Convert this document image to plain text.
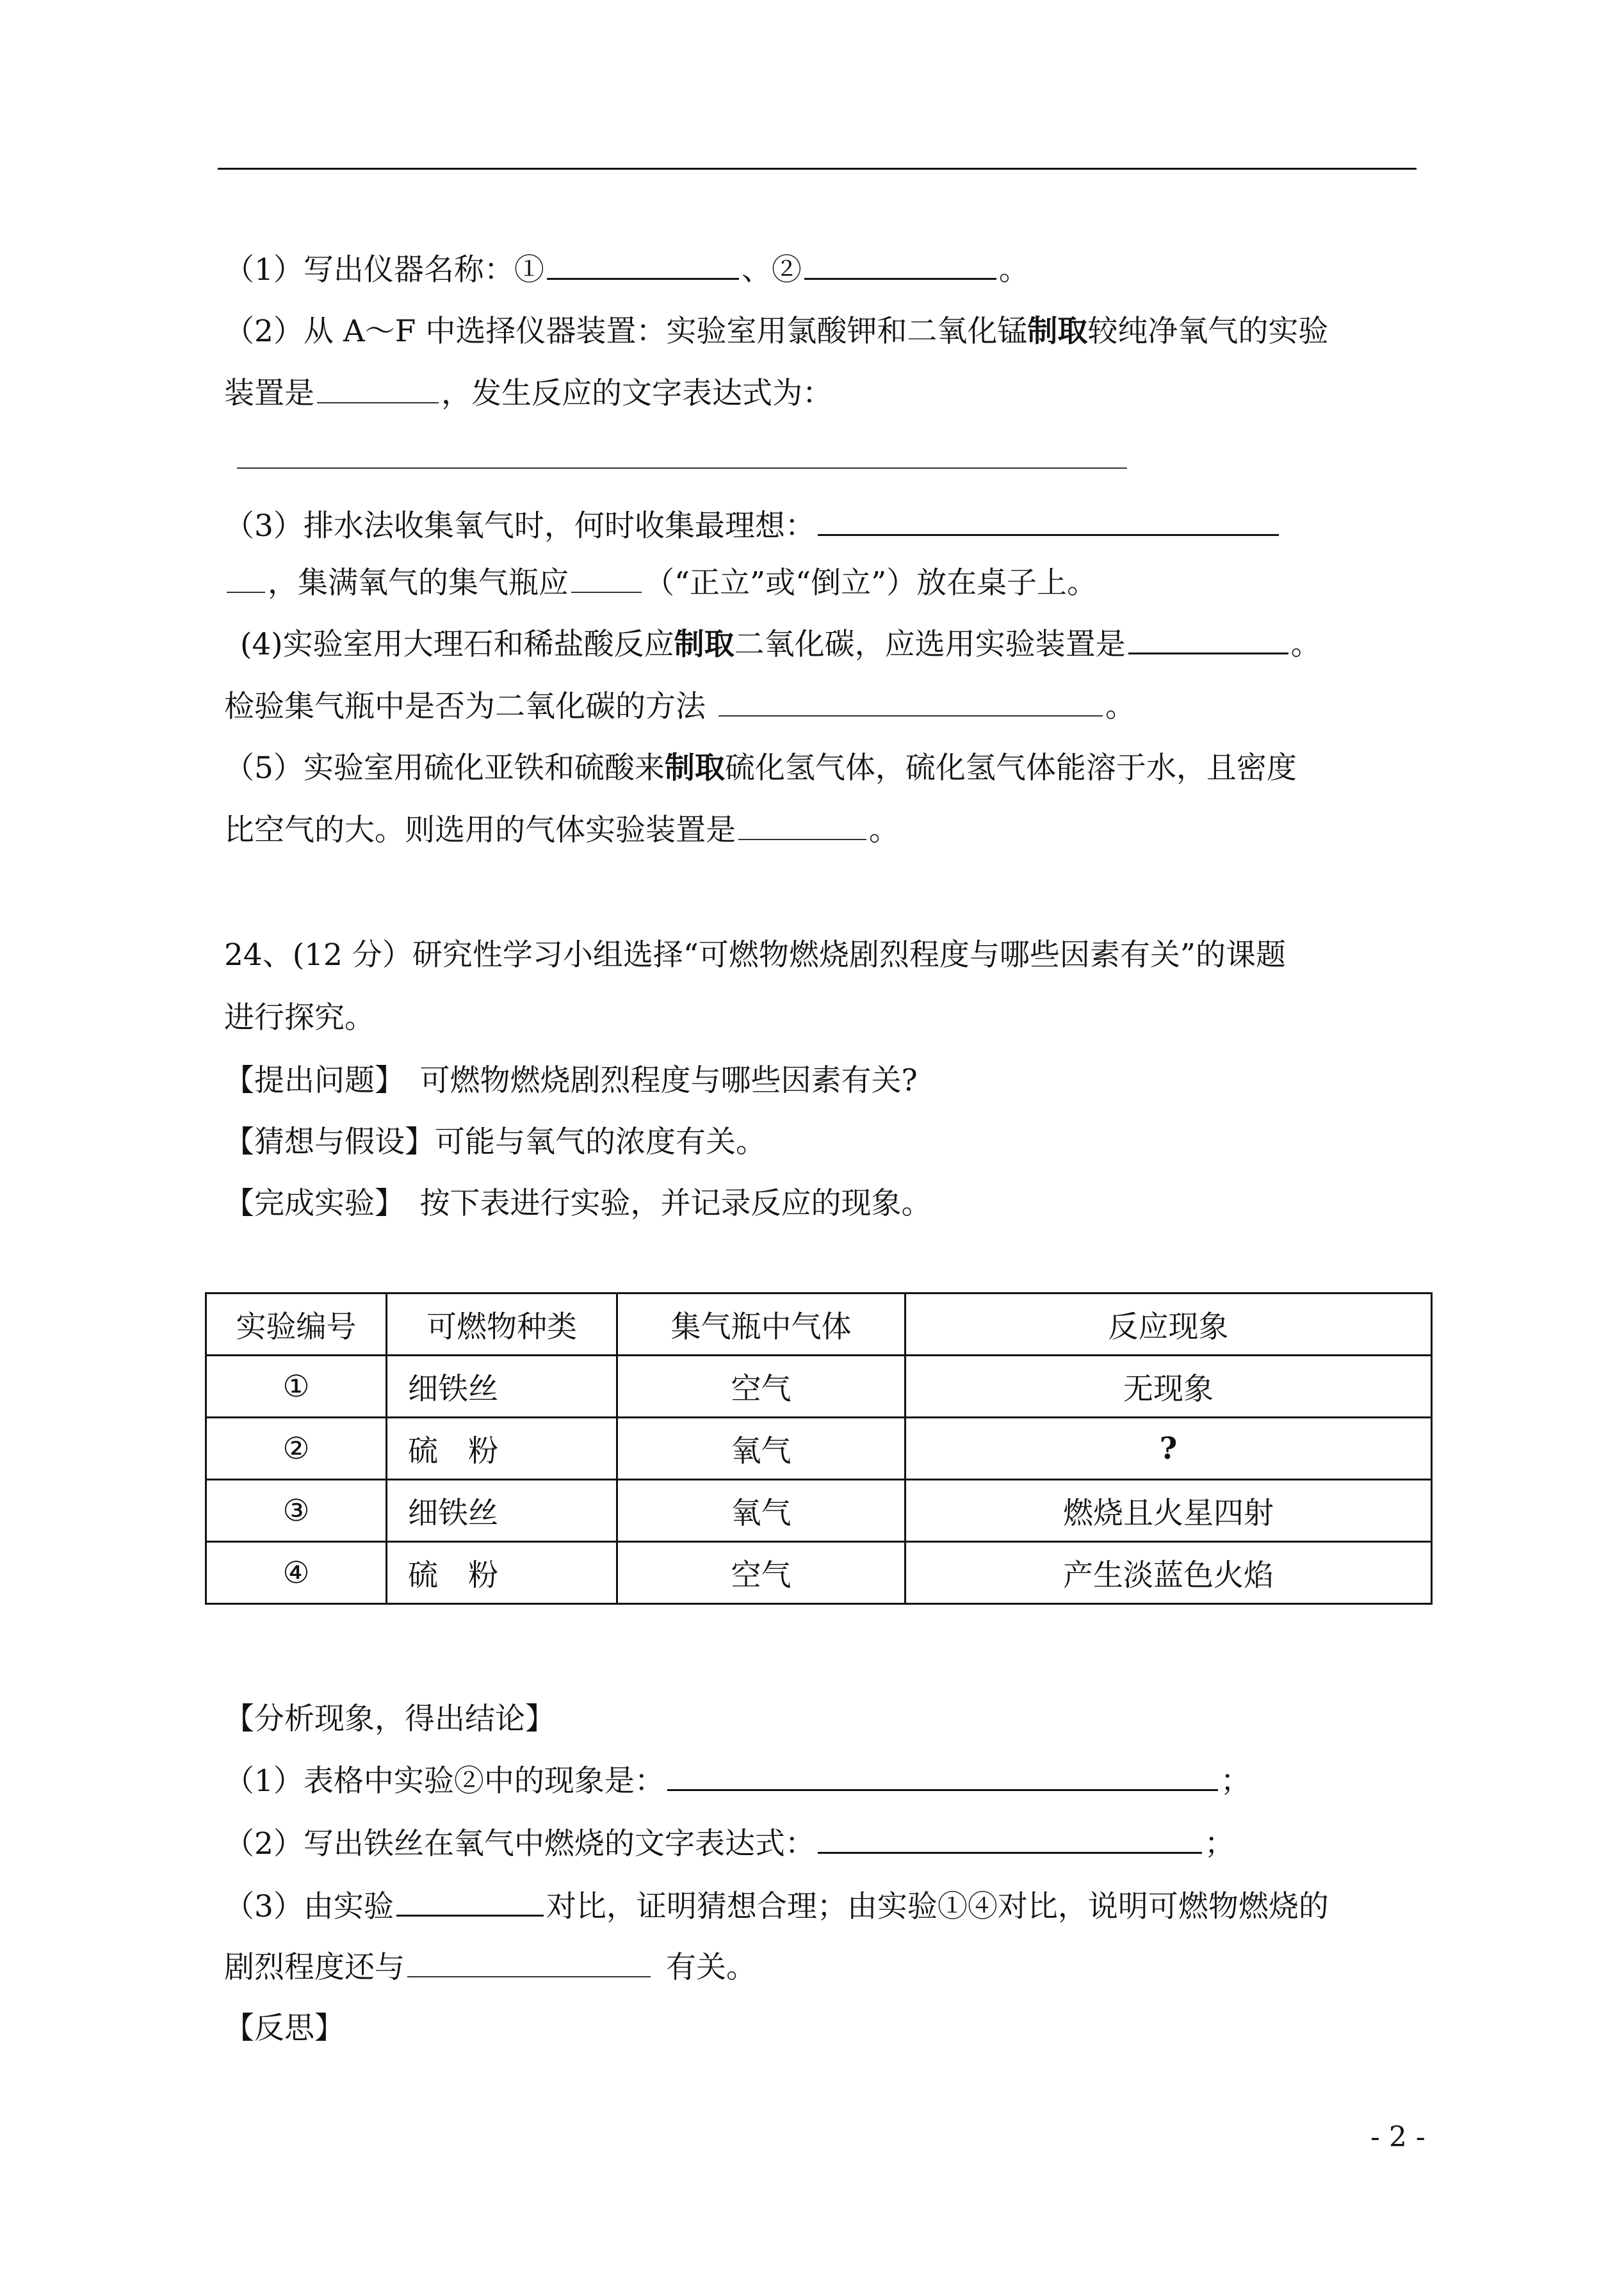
（1）写出仪器名称：①	、②	。
（2）从 A～F 中选择仪器装置：实验室用氯酸钾和二氧化锰制取较纯净氧气的实验
装置是	，发生反应的文字表达式为：
（3）排水法收集氧气时，何时收集最理想：
，集满氧气的集气瓶应	（“正立”或“倒立”）放在桌子上。
(4)实验室用大理石和稀盐酸反应制取二氧化碳，应选用实验装置是	。
检验集气瓶中是否为二氧化碳的方法	。
（5）实验室用硫化亚铁和硫酸来制取硫化氢气体，硫化氢气体能溶于水，且密度
比空气的大。则选用的气体实验装置是	。
24、(12 分）研究性学习小组选择“可燃物燃烧剧烈程度与哪些因素有关”的课题
进行探究。
【提出问题】　可燃物燃烧剧烈程度与哪些因素有关?
【猜想与假设】可能与氧气的浓度有关。
【完成实验】　按下表进行实验，并记录反应的现象。
实验编号	可燃物种类	集气瓶中气体	反应现象
①	细铁丝	空气	无现象
②	硫　粉	氧气	?
③	细铁丝	氧气	燃烧且火星四射
④	硫　粉	空气	产生淡蓝色火焰
【分析现象，得出结论】
（1）表格中实验②中的现象是：	；
（2）写出铁丝在氧气中燃烧的文字表达式：	；
（3）由实验	对比，证明猜想合理；由实验①④对比，说明可燃物燃烧的
剧烈程度还与	有关。
【反思】
- 2 -
